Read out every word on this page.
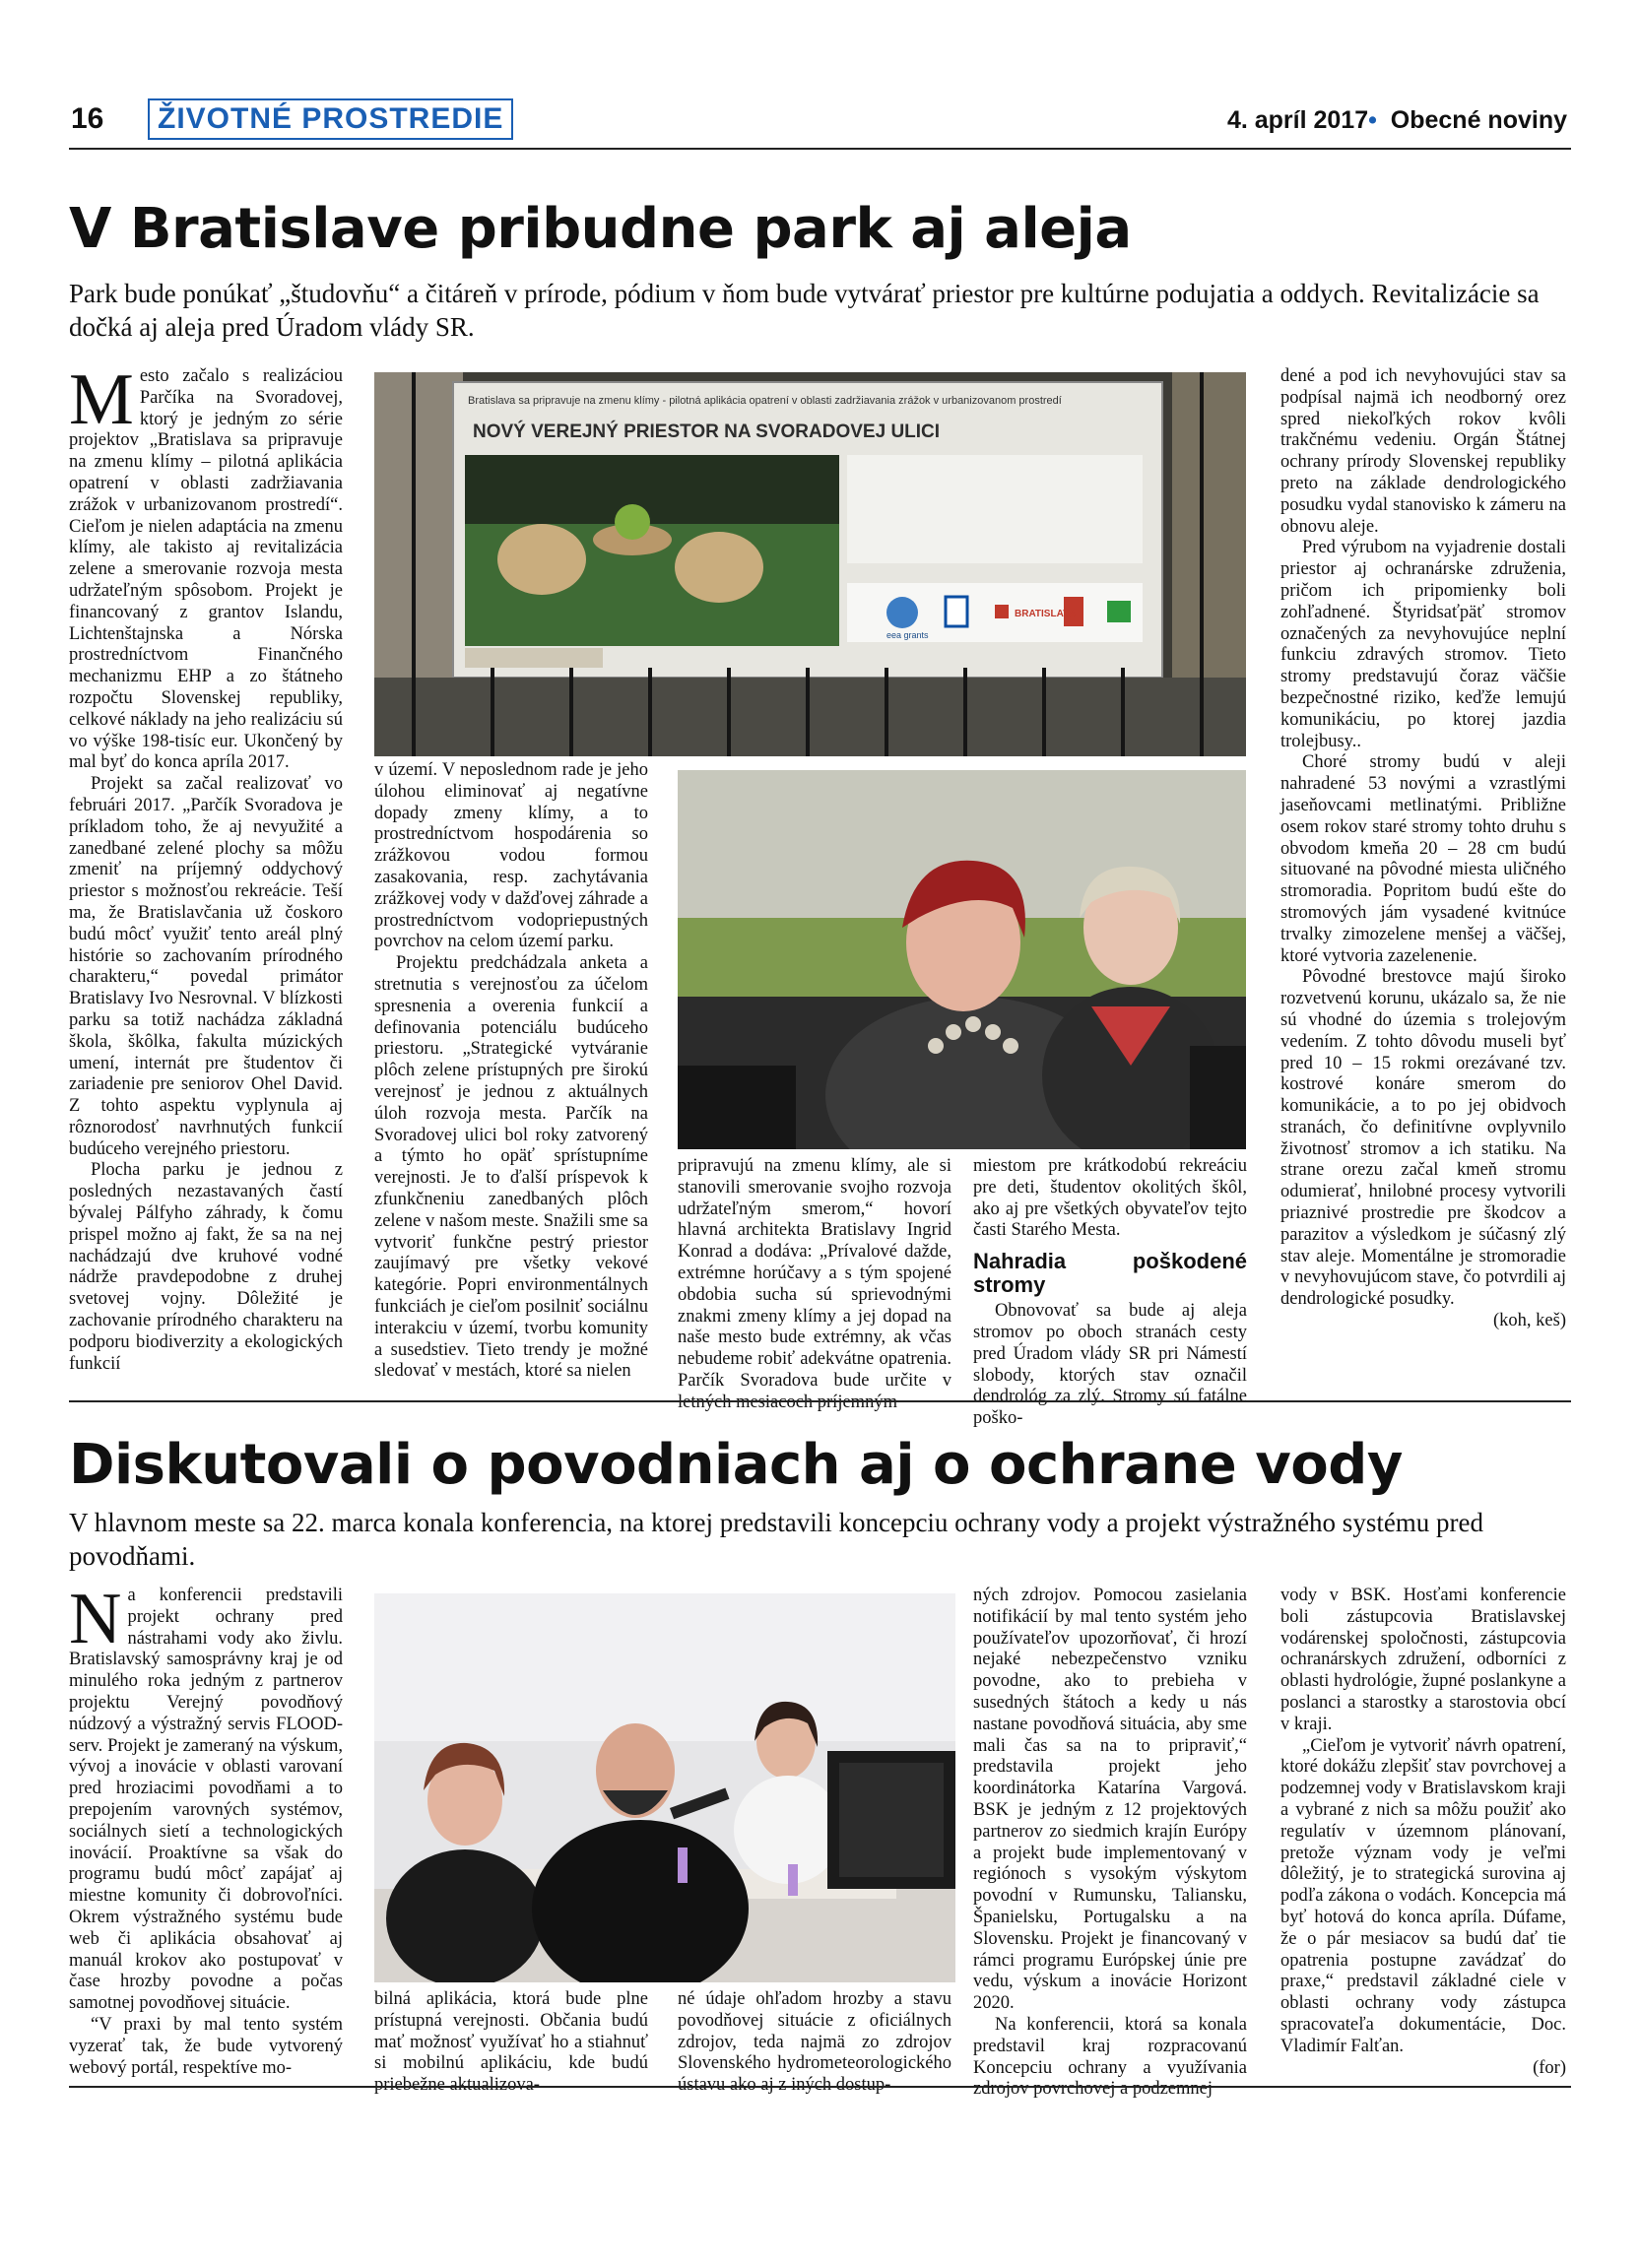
16	ŽIVOTNÉ PROSTREDIE	4. apríl 2017• Obecné noviny
V Bratislave pribudne park aj aleja
Park bude ponúkať „študovňu“ a čitáreň v prírode, pódium v ňom bude vytvárať priestor pre kultúrne podujatia a oddych. Revitalizácie sa dočká aj aleja pred Úradom vlády SR.

Mesto začalo s realizáciou Parčíka na Svoradovej, ktorý je jedným zo série projektov „Bratislava sa pripravuje na zmenu klímy – pilotná aplikácia opatrení v oblasti zadržiavania zrážok v urbanizovanom prostredí“. Cieľom je nielen adaptácia na zmenu klímy, ale takisto aj revitalizácia zelene a smerovanie rozvoja mesta udržateľným spôsobom. Projekt je financovaný z grantov Islandu, Lichtenštajnska a Nórska prostredníctvom Finančného mechanizmu EHP a zo štátneho rozpočtu Slovenskej republiky, celkové náklady na jeho realizáciu sú vo výške 198-tisíc eur. Ukončený by mal byť do konca apríla 2017.

Projekt sa začal realizovať vo februári 2017. „Parčík Svoradova je príkladom toho, že aj nevyužité a zanedbané zelené plochy sa môžu zmeniť na príjemný oddychový priestor s možnosťou rekreácie. Teší ma, že Bratislavčania už čoskoro budú môcť využiť tento areál plný histórie so zachovaním prírodného charakteru,“ povedal primátor Bratislavy Ivo Nesrovnal. V blízkosti parku sa totiž nachádza základná škola, škôlka, fakulta múzických umení, internát pre študentov či zariadenie pre seniorov Ohel David. Z tohto aspektu vyplynula aj rôznorodosť navrhnutých funkcií budúceho verejného priestoru.

Plocha parku je jednou z posledných nezastavaných častí bývalej Pálfyho záhrady, k čomu prispel možno aj fakt, že sa na nej nachádzajú dve kruhové vodné nádrže pravdepodobne z druhej svetovej vojny. Dôležité je zachovanie prírodného charakteru na podporu biodiverzity a ekologických funkcií

Bratislava sa pripravuje na zmenu klímy - pilotná aplikácia opatrení v oblasti zadržiavania zrážok v urbanizovanom prostredí
NOVÝ VEREJNÝ PRIESTOR NA SVORADOVEJ ULICI
eea grants
BRATISLAVA

v území. V neposlednom rade je jeho úlohou eliminovať aj negatívne dopady zmeny klímy, a to prostredníctvom hospodárenia so zrážkovou vodou formou zasakovania, resp. zachytávania zrážkovej vody v dažďovej záhrade a prostredníctvom vodopriepustných povrchov na celom území parku.

Projektu predchádzala anketa a stretnutia s verejnosťou za účelom spresnenia a overenia funkcií a definovania potenciálu budúceho priestoru. „Strategické vytváranie plôch zelene prístupných pre širokú verejnosť je jednou z aktuálnych úloh rozvoja mesta. Parčík na Svoradovej ulici bol roky zatvorený a týmto ho opäť sprístupníme verejnosti. Je to ďalší príspevok k zfunkčneniu zanedbaných plôch zelene v našom meste. Snažili sme sa vytvoriť funkčne pestrý priestor zaujímavý pre všetky vekové kategórie. Popri environmentálnych funkciách je cieľom posilniť sociálnu interakciu v území, tvorbu komunity a susedstiev. Tieto trendy je možné sledovať v mestách, ktoré sa nielen

pripravujú na zmenu klímy, ale si stanovili smerovanie svojho rozvoja udržateľným smerom,“ hovorí hlavná architekta Bratislavy Ingrid Konrad a dodáva: „Prívalové dažde, extrémne horúčavy a s tým spojené obdobia sucha sú sprievodnými znakmi zmeny klímy a jej dopad na naše mesto bude extrémny, ak včas nebudeme robiť adekvátne opatrenia. Parčík Svoradova bude určite v letných mesiacoch príjemným

miestom pre krátkodobú rekreáciu pre deti, študentov okolitých škôl, ako aj pre všetkých obyvateľov tejto časti Starého Mesta.

Nahradia poškodené stromy

Obnovovať sa bude aj aleja stromov po oboch stranách cesty pred Úradom vlády SR pri Námestí slobody, ktorých stav označil dendrológ za zlý. Stromy sú fatálne poško-

dené a pod ich nevyhovujúci stav sa podpísal najmä ich neodborný orez spred niekoľkých rokov kvôli trakčnému vedeniu. Orgán Štátnej ochrany prírody Slovenskej republiky preto na základe dendrologického posudku vydal stanovisko k zámeru na obnovu aleje.

Pred výrubom na vyjadrenie dostali priestor aj ochranárske združenia, pričom ich pripomienky boli zohľadnené. Štyridsaťpäť stromov označených za nevyhovujúce neplní funkciu zdravých stromov. Tieto stromy predstavujú čoraz väčšie bezpečnostné riziko, keďže lemujú komunikáciu, po ktorej jazdia trolejbusy..

Choré stromy budú v aleji nahradené 53 novými a vzrastlými jaseňovcami metlinatými. Približne osem rokov staré stromy tohto druhu s obvodom kmeňa 20 – 28 cm budú situované na pôvodné miesta uličného stromoradia. Popritom budú ešte do stromových jám vysadené kvitnúce trvalky zimozelene menšej a väčšej, ktoré vytvoria zazelenenie.

Pôvodné brestovce majú široko rozvetvenú korunu, ukázalo sa, že nie sú vhodné do územia s trolejovým vedením. Z tohto dôvodu museli byť pred 10 – 15 rokmi orezávané tzv. kostrové konáre smerom do komunikácie, a to po jej obidvoch stranách, čo definitívne ovplyvnilo životnosť stromov a ich statiku. Na strane orezu začal kmeň stromu odumierať, hnilobné procesy vytvorili priaznivé prostredie pre škodcov a parazitov a výsledkom je súčasný zlý stav aleje. Momentálne je stromoradie v nevyhovujúcom stave, čo potvrdili aj dendrologické posudky.

(koh, keš)
Diskutovali o povodniach aj o ochrane vody
V hlavnom meste sa 22. marca konala konferencia, na ktorej predstavili koncepciu ochrany vody a projekt výstražného systému pred povodňami.

Na konferencii predstavili projekt ochrany pred nástrahami vody ako živlu. Bratislavský samosprávny kraj je od minulého roka jedným z partnerov projektu Verejný povodňový núdzový a výstražný servis FLOOD-serv. Projekt je zameraný na výskum, vývoj a inovácie v oblasti varovaní pred hroziacimi povodňami a to prepojením varovných systémov, sociálnych sietí a technologických inovácií. Proaktívne sa však do programu budú môcť zapájať aj miestne komunity či dobrovoľníci. Okrem výstražného systému bude web či aplikácia obsahovať aj manuál krokov ako postupovať v čase hrozby povodne a počas samotnej povodňovej situácie.

“V praxi by mal tento systém vyzerať tak, že bude vytvorený webový portál, respektíve mo-

bilná aplikácia, ktorá bude plne prístupná verejnosti. Občania budú mať možnosť využívať ho a stiahnuť si mobilnú aplikáciu, kde budú priebežne aktualizova-

né údaje ohľadom hrozby a stavu povodňovej situácie z oficiálnych zdrojov, teda najmä zo zdrojov Slovenského hydrometeorologického ústavu ako aj z iných dostup-

ných zdrojov. Pomocou zasielania notifikácií by mal tento systém jeho používateľov upozorňovať, či hrozí nejaké nebezpečenstvo vzniku povodne, ako to prebieha v susedných štátoch a kedy u nás nastane povodňová situácia, aby sme mali čas sa na to pripraviť,“ predstavila projekt jeho koordinátorka Katarína Vargová. BSK je jedným z 12 projektových partnerov zo siedmich krajín Európy a projekt bude implementovaný v regiónoch s vysokým výskytom povodní v Rumunsku, Taliansku, Španielsku, Portugalsku a na Slovensku. Projekt je financovaný v rámci programu Európskej únie pre vedu, výskum a inovácie Horizont 2020.

Na konferencii, ktorá sa konala predstavil kraj rozpracovanú Koncepciu ochrany a využívania zdrojov povrchovej a podzemnej

vody v BSK. Hosťami konferencie boli zástupcovia Bratislavskej vodárenskej spoločnosti, zástupcovia ochranárskych združení, odborníci z oblasti hydrológie, župné poslankyne a poslanci a starostky a starostovia obcí v kraji.

„Cieľom je vytvoriť návrh opatrení, ktoré dokážu zlepšiť stav povrchovej a podzemnej vody v Bratislavskom kraji a vybrané z nich sa môžu použiť ako regulatív v územnom plánovaní, pretože význam vody je veľmi dôležitý, je to strategická surovina aj podľa zákona o vodách. Koncepcia má byť hotová do konca apríla. Dúfame, že o pár mesiacov sa budú dať tie opatrenia postupne zavádzať do praxe,“ predstavil základné ciele v oblasti ochrany vody zástupca spracovateľa dokumentácie, Doc. Vladimír Falťan.

(for)
